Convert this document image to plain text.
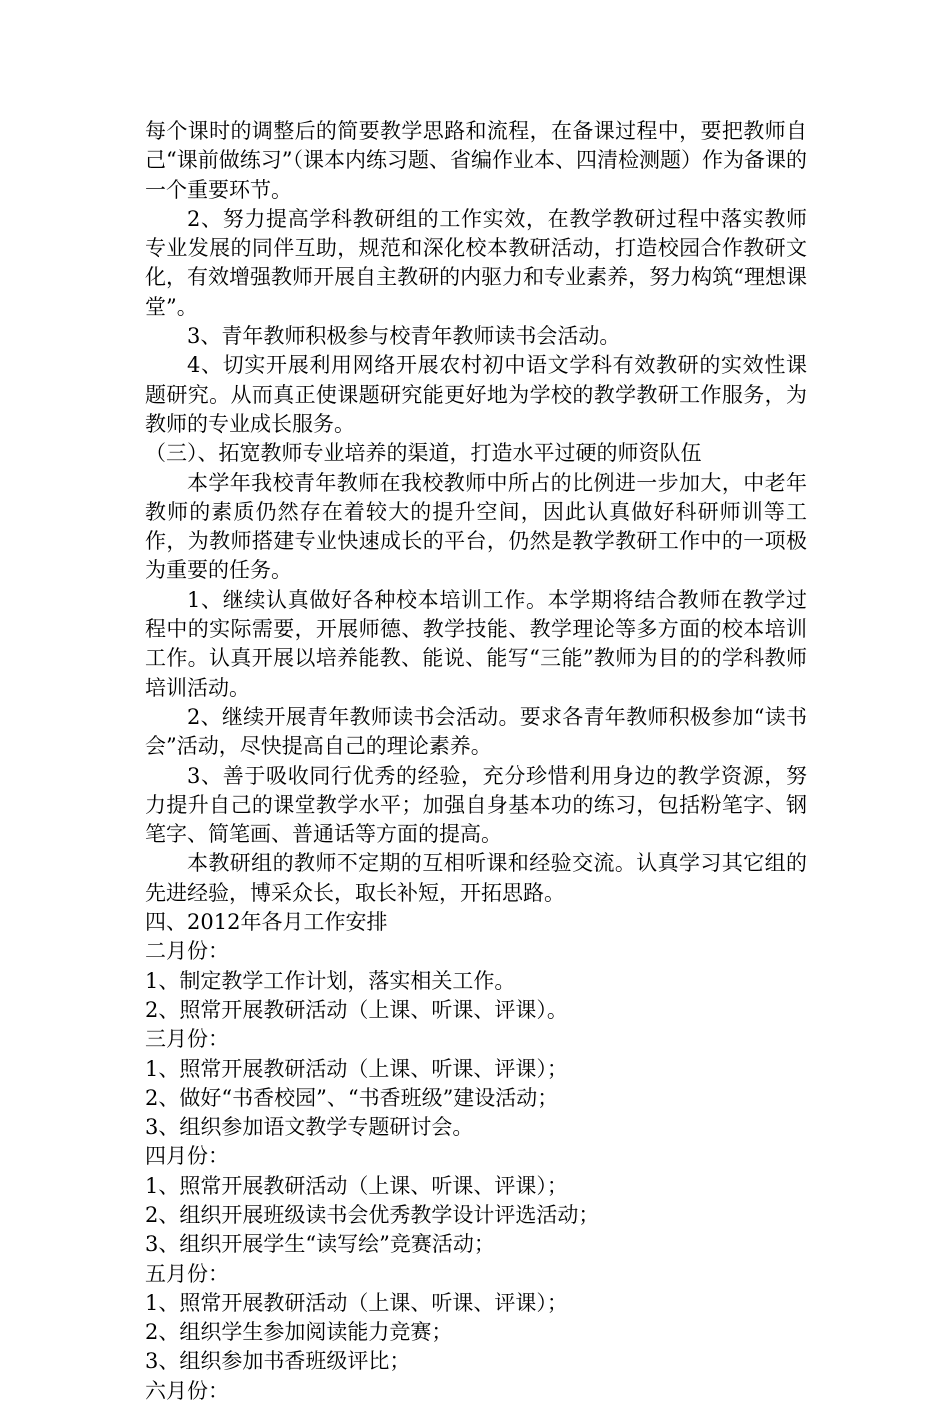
每个课时的调整后的简要教学思路和流程，在备课过程中，要把教师自己“课前做练习”（课本内练习题、省编作业本、四清检测题）作为备课的一个重要环节。

2、努力提高学科教研组的工作实效，在教学教研过程中落实教师专业发展的同伴互助，规范和深化校本教研活动，打造校园合作教研文化，有效增强教师开展自主教研的内驱力和专业素养，努力构筑“理想课堂”。

3、青年教师积极参与校青年教师读书会活动。

4、切实开展利用网络开展农村初中语文学科有效教研的实效性课题研究。从而真正使课题研究能更好地为学校的教学教研工作服务，为教师的专业成长服务。

（三）、拓宽教师专业培养的渠道，打造水平过硬的师资队伍

本学年我校青年教师在我校教师中所占的比例进一步加大，中老年教师的素质仍然存在着较大的提升空间，因此认真做好科研师训等工作，为教师搭建专业快速成长的平台，仍然是教学教研工作中的一项极为重要的任务。

1、继续认真做好各种校本培训工作。本学期将结合教师在教学过程中的实际需要，开展师德、教学技能、教学理论等多方面的校本培训工作。认真开展以培养能教、能说、能写“三能”教师为目的的学科教师培训活动。

2、继续开展青年教师读书会活动。要求各青年教师积极参加“读书会”活动，尽快提高自己的理论素养。

3、善于吸收同行优秀的经验，充分珍惜利用身边的教学资源，努力提升自己的课堂教学水平；加强自身基本功的练习，包括粉笔字、钢笔字、简笔画、普通话等方面的提高。

本教研组的教师不定期的互相听课和经验交流。认真学习其它组的先进经验，博采众长，取长补短，开拓思路。

四、2012年各月工作安排

二月份：

1、制定教学工作计划，落实相关工作。

2、照常开展教研活动（上课、听课、评课）。

三月份：

1、照常开展教研活动（上课、听课、评课）；

2、做好“书香校园”、“书香班级”建设活动；

3、组织参加语文教学专题研讨会。

四月份：

1、照常开展教研活动（上课、听课、评课）；

2、组织开展班级读书会优秀教学设计评选活动；

3、组织开展学生“读写绘”竞赛活动；

五月份：

1、照常开展教研活动（上课、听课、评课）；

2、组织学生参加阅读能力竞赛；

3、组织参加书香班级评比；

六月份：
